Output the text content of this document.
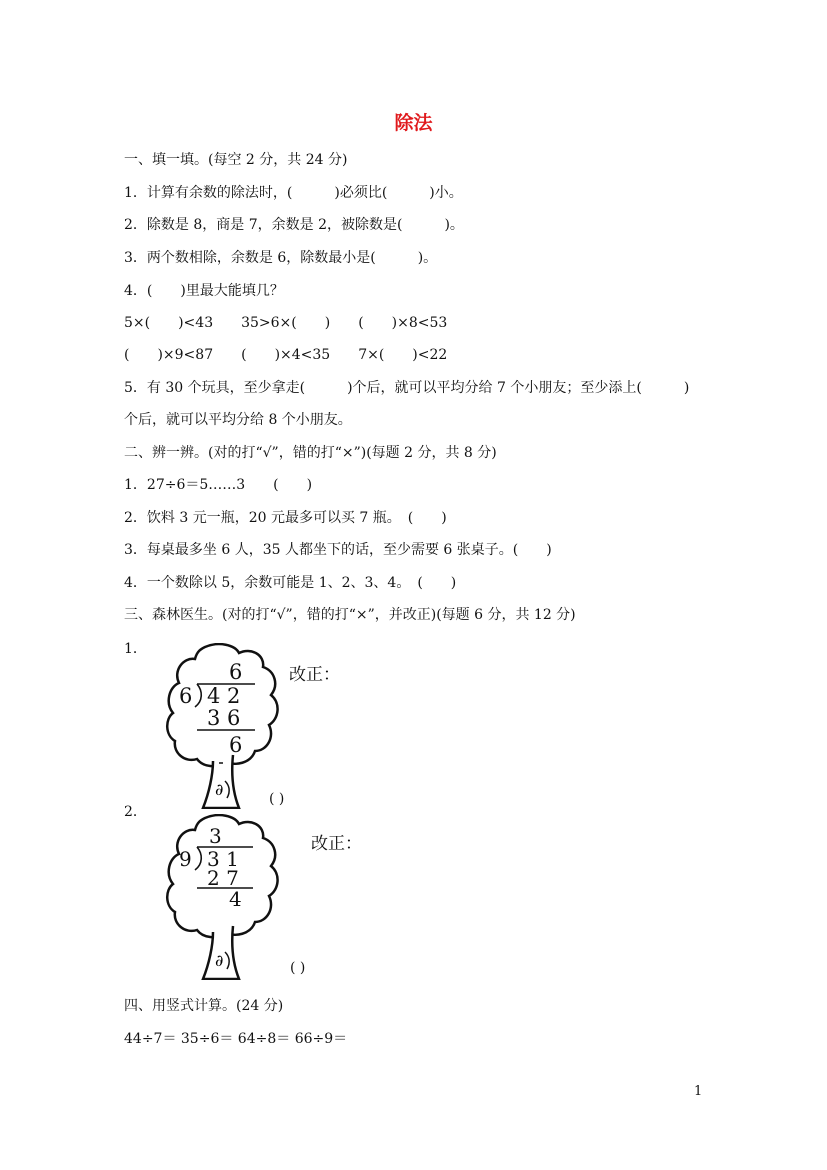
除法
一、填一填。(每空 2 分，共 24 分)
1．计算有余数的除法时，(　　　)必须比(　　　)小。
2．除数是 8，商是 7，余数是 2，被除数是(　　　)。
3．两个数相除，余数是 6，除数最小是(　　　)。
4．(　　)里最大能填几？
5×(　　)<43　　35>6×(　　)　　(　　)×8<53
(　　)×9<87　　(　　)×4<35　　7×(　　)<22
5．有 30 个玩具，至少拿走(　　　)个后，就可以平均分给 7 个小朋友；至少添上(　　　)
个后，就可以平均分给 8 个小朋友。
二、辨一辨。(对的打“√”，错的打“×”)(每题 2 分，共 8 分)
1．27÷6＝5……3　　(　　)
2．饮料 3 元一瓶，20 元最多可以买 7 瓶。　(　　)
3．每桌最多坐 6 人，35 人都坐下的话，至少需要 6 张桌子。(　　)
4．一个数除以 5，余数可能是 1、2、3、4。　(　　)
三、森林医生。(对的打“√”，错的打“×”，并改正)(每题 6 分，共 12 分)
1．
2．
四、用竖式计算。(24 分)
44÷7＝ 35÷6＝ 64÷8＝ 66÷9＝
∂
6
6 4 2
3 6
6
改正：
( )
∂
3
9 3 1
2 7
4
改正：
( )
1
